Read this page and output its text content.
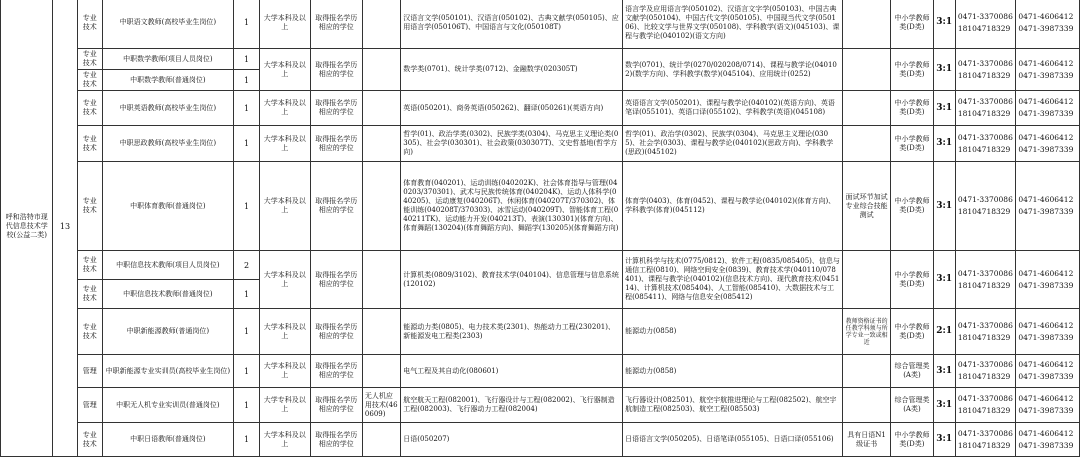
呼和浩特市现代信息技术学校(公益二类)	13	专业技术	中职语文教师(高校毕业生岗位)	1	大学本科及以上	取得报名学历相应的学位		汉语言文学(050101)、汉语言(050102)、古典文献学(050105)、应用语言学(050106T)、中国语言与文化(050108T)	语言学及应用语言学(050102)、汉语言文字学(050103)、中国古典文献学(050104)、中国古代文学(050105)、中国现当代文学(050106)、比较文学与世界文学(050108)、学科教学(语文)(045103)、课程与教学论(040102)(语文方向)		中小学教师类(D类)	3:1	0471-3370086 18104718329	0471-4606412 0471-3987339
		专业技术	中职数学教师(项目人员岗位)	1	大学本科及以上	取得报名学历相应的学位		数学类(0701)、统计学类(0712)、金融数学(020305T)	数学(0701)、统计学(0270/020208/0714)、课程与教学论(040102)(数学方向)、学科教学(数学)(045104)、应用统计(0252)		中小学教师类(D类)	3:1	0471-3370086 18104718329	0471-4606412 0471-3987339
		专业技术	中职数学教师(普通岗位)	1										
		专业技术	中职英语教师(高校毕业生岗位)	1	大学本科及以上	取得报名学历相应的学位		英语(050201)、商务英语(050262)、翻译(050261)(英语方向)	英语语言文学(050201)、课程与教学论(040102)(英语方向)、英语笔译(055101)、英语口译(055102)、学科教学(英语)(045108)		中小学教师类(D类)	3:1	0471-3370086 18104718329	0471-4606412 0471-3987339
		专业技术	中职思政教师(高校毕业生岗位)	1	大学本科及以上	取得报名学历相应的学位		哲学(01)、政治学类(0302)、民族学类(0304)、马克思主义理论类(0305)、社会学(030301)、社会政策(030307T)、文史哲基地(哲学方向)	哲学(01)、政治学(0302)、民族学(0304)、马克思主义理论(0305)、社会学(0303)、课程与教学论(040102)(思政方向)、学科教学(思政)(045102)		中小学教师类(D类)	3:1	0471-3370086 18104718329	0471-4606412 0471-3987339
		专业技术	中职体育教师(普通岗位)	1	大学本科及以上	取得报名学历相应的学位		体育教育(040201)、运动训练(040202K)、社会体育指导与管理(040203/370301)、武术与民族传统体育(040204K)、运动人体科学(040205)、运动康复(040206T)、休闲体育(040207T/370302)、体能训练(040208T/370303)、冰雪运动(040209T)、智能体育工程(040211TK)、运动能力开发(040213T)、表演(130301)(体育方向)、体育舞蹈(130204)(体育舞蹈方向)、舞蹈学(130205)(体育舞蹈方向)	体育学(0403)、体育(0452)、课程与教学论(040102)(体育方向)、学科教学(体育)(045112)	面试环节加试专业综合技能测试	中小学教师类(D类)	3:1	0471-3370086 18104718329	0471-4606412 0471-3987339
		专业技术	中职信息技术教师(项目人员岗位)	2	大学本科及以上	取得报名学历相应的学位		计算机类(0809/3102)、教育技术学(040104)、信息管理与信息系统(120102)	计算机科学与技术(0775/0812)、软件工程(0835/085405)、信息与通信工程(0810)、网络空间安全(0839)、教育技术学(040110/078401)、课程与教学论(040102)(信息技术方向)、现代教育技术(045114)、计算机技术(085404)、人工智能(085410)、大数据技术与工程(085411)、网络与信息安全(085412)		中小学教师类(D类)	3:1	0471-3370086 18104718329	0471-4606412 0471-3987339
		专业技术	中职信息技术教师(普通岗位)	1										
		专业技术	中职新能源教师(普通岗位)	1	大学本科及以上	取得报名学历相应的学位		能源动力类(0805)、电力技术类(2301)、热能动力工程(230201)、新能源发电工程类(2303)	能源动力(0858)	教师资格证书的任教学科须与所学专业一致或相近	中小学教师类(D类)	2:1	0471-3370086 18104718329	0471-4606412 0471-3987339
		管理	中职新能源专业实训员(高校毕业生岗位)	1	大学本科及以上	取得报名学历相应的学位		电气工程及其自动化(080601)	能源动力(0858)		综合管理类(A类)	3:1	0471-3370086 18104718329	0471-4606412 0471-3987339
		管理	中职无人机专业实训员(普通岗位)	1	大学专科及以上	取得报名学历相应的学位	无人机应用技术(460609)	航空航天工程(082001)、飞行器设计与工程(082002)、飞行器制造工程(082003)、飞行器动力工程(082004)	飞行器设计(082501)、航空宇航推进理论与工程(082502)、航空宇航制造工程(082503)、航空工程(085503)		综合管理类(A类)	3:1	0471-3370086 18104718329	0471-4606412 0471-3987339
		专业技术	中职日语教师(普通岗位)	1	大学本科及以上	取得报名学历相应的学位		日语(050207)	日语语言文学(050205)、日语笔译(055105)、日语口译(055106)	具有日语N1级证书	中小学教师类(D类)	3:1	0471-3370086 18104718329	0471-4606412 0471-3987339
